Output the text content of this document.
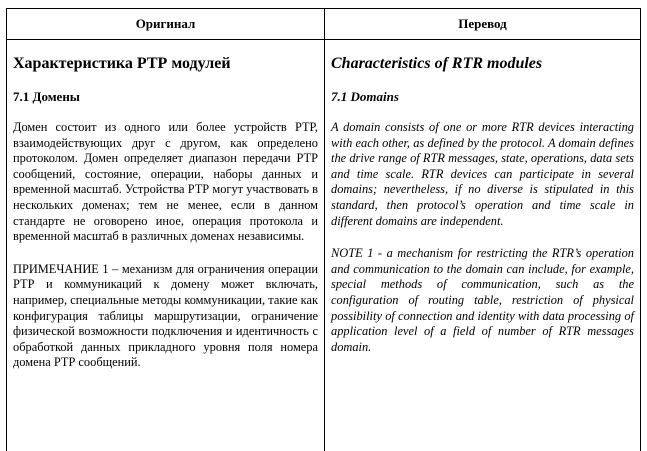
Оригинал	Перевод
Характеристика РТР модулей
7.1 Домены

Домен состоит из одного или более устройств РТР, взаимодействующих друг с другом, как определено протоколом. Домен определяет диапазон передачи РТР сообщений, состояние, операции, наборы данных и временной масштаб. Устройства РТР могут участвовать в нескольких доменах; тем не менее, если в данном стандарте не оговорено иное, операция протокола и временной масштаб в различных доменах независимы.

ПРИМЕЧАНИЕ 1 – механизм для ограничения операции РТР и коммуникаций к домену может включать, например, специальные методы коммуникации, такие как конфигурация таблицы маршрутизации, ограничение физической возможности подключения и идентичность с обработкой данных прикладного уровня поля номера домена РТР сообщений.

Characteristics of RTR modules
7.1 Domains

A domain consists of one or more RTR devices interacting with each other, as defined by the protocol. A domain defines the drive range of RTR messages, state, operations, data sets and time scale. RTR devices can participate in several domains; nevertheless, if no diverse is stipulated in this standard, then protocol’s operation and time scale in different domains are independent.

NOTE 1 - a mechanism for restricting the RTR’s operation and communication to the domain can include, for example, special methods of communication, such as the configuration of routing table, restriction of physical possibility of connection and identity with data processing of application level of a field of number of RTR messages domain.
